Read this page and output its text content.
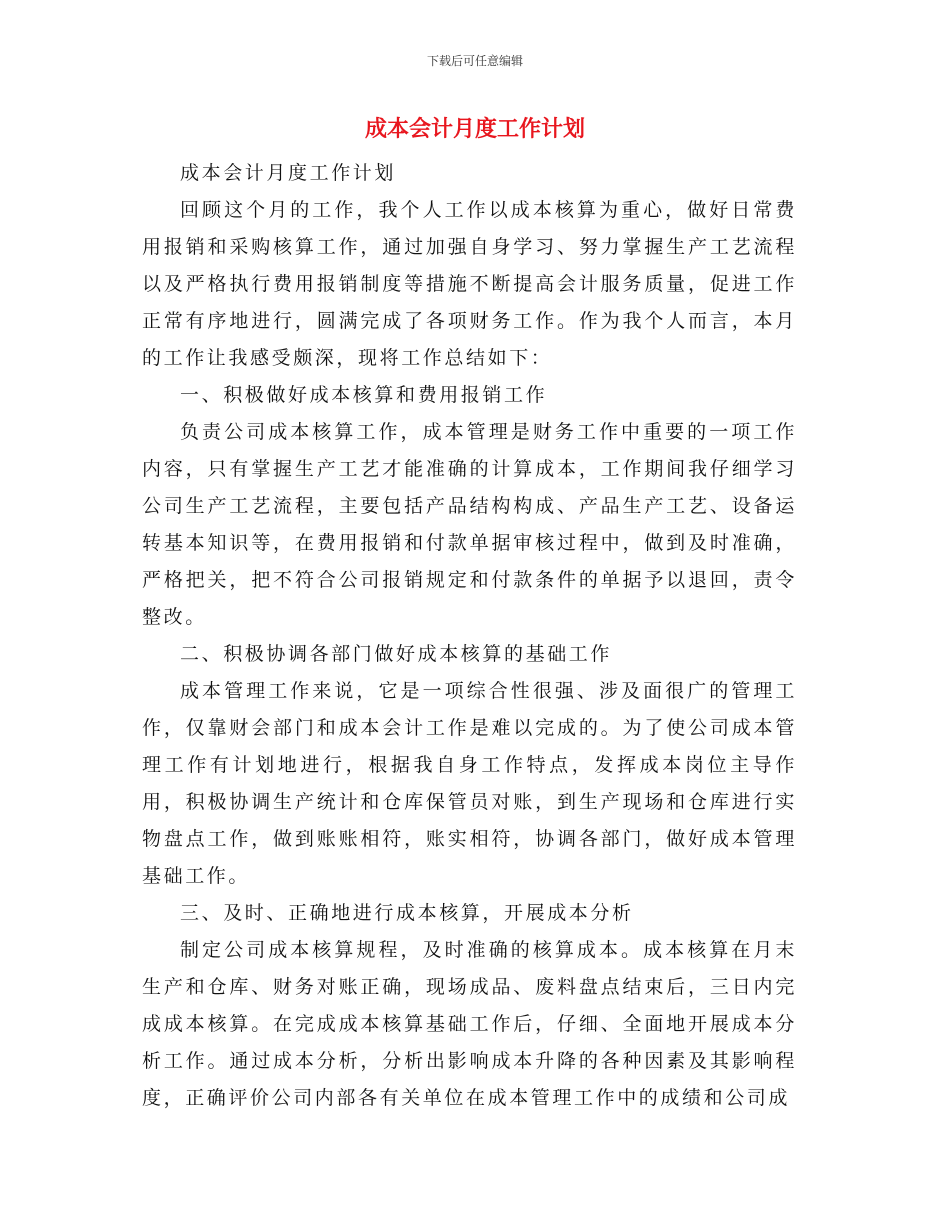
下载后可任意编辑
成本会计月度工作计划

成本会计月度工作计划

回顾这个月的工作，我个人工作以成本核算为重心，做好日常费用报销和采购核算工作，通过加强自身学习、努力掌握生产工艺流程以及严格执行费用报销制度等措施不断提高会计服务质量，促进工作正常有序地进行，圆满完成了各项财务工作。作为我个人而言，本月的工作让我感受颇深，现将工作总结如下：

一、积极做好成本核算和费用报销工作

负责公司成本核算工作，成本管理是财务工作中重要的一项工作内容，只有掌握生产工艺才能准确的计算成本，工作期间我仔细学习公司生产工艺流程，主要包括产品结构构成、产品生产工艺、设备运转基本知识等，在费用报销和付款单据审核过程中，做到及时准确，严格把关，把不符合公司报销规定和付款条件的单据予以退回，责令整改。

二、积极协调各部门做好成本核算的基础工作

成本管理工作来说，它是一项综合性很强、涉及面很广的管理工作，仅靠财会部门和成本会计工作是难以完成的。为了使公司成本管理工作有计划地进行，根据我自身工作特点，发挥成本岗位主导作用，积极协调生产统计和仓库保管员对账，到生产现场和仓库进行实物盘点工作，做到账账相符，账实相符，协调各部门，做好成本管理基础工作。

三、及时、正确地进行成本核算，开展成本分析

制定公司成本核算规程，及时准确的核算成本。成本核算在月末生产和仓库、财务对账正确，现场成品、废料盘点结束后，三日内完成成本核算。在完成成本核算基础工作后，仔细、全面地开展成本分析工作。通过成本分析，分析出影响成本升降的各种因素及其影响程度，正确评价公司内部各有关单位在成本管理工作中的成绩和公司成
